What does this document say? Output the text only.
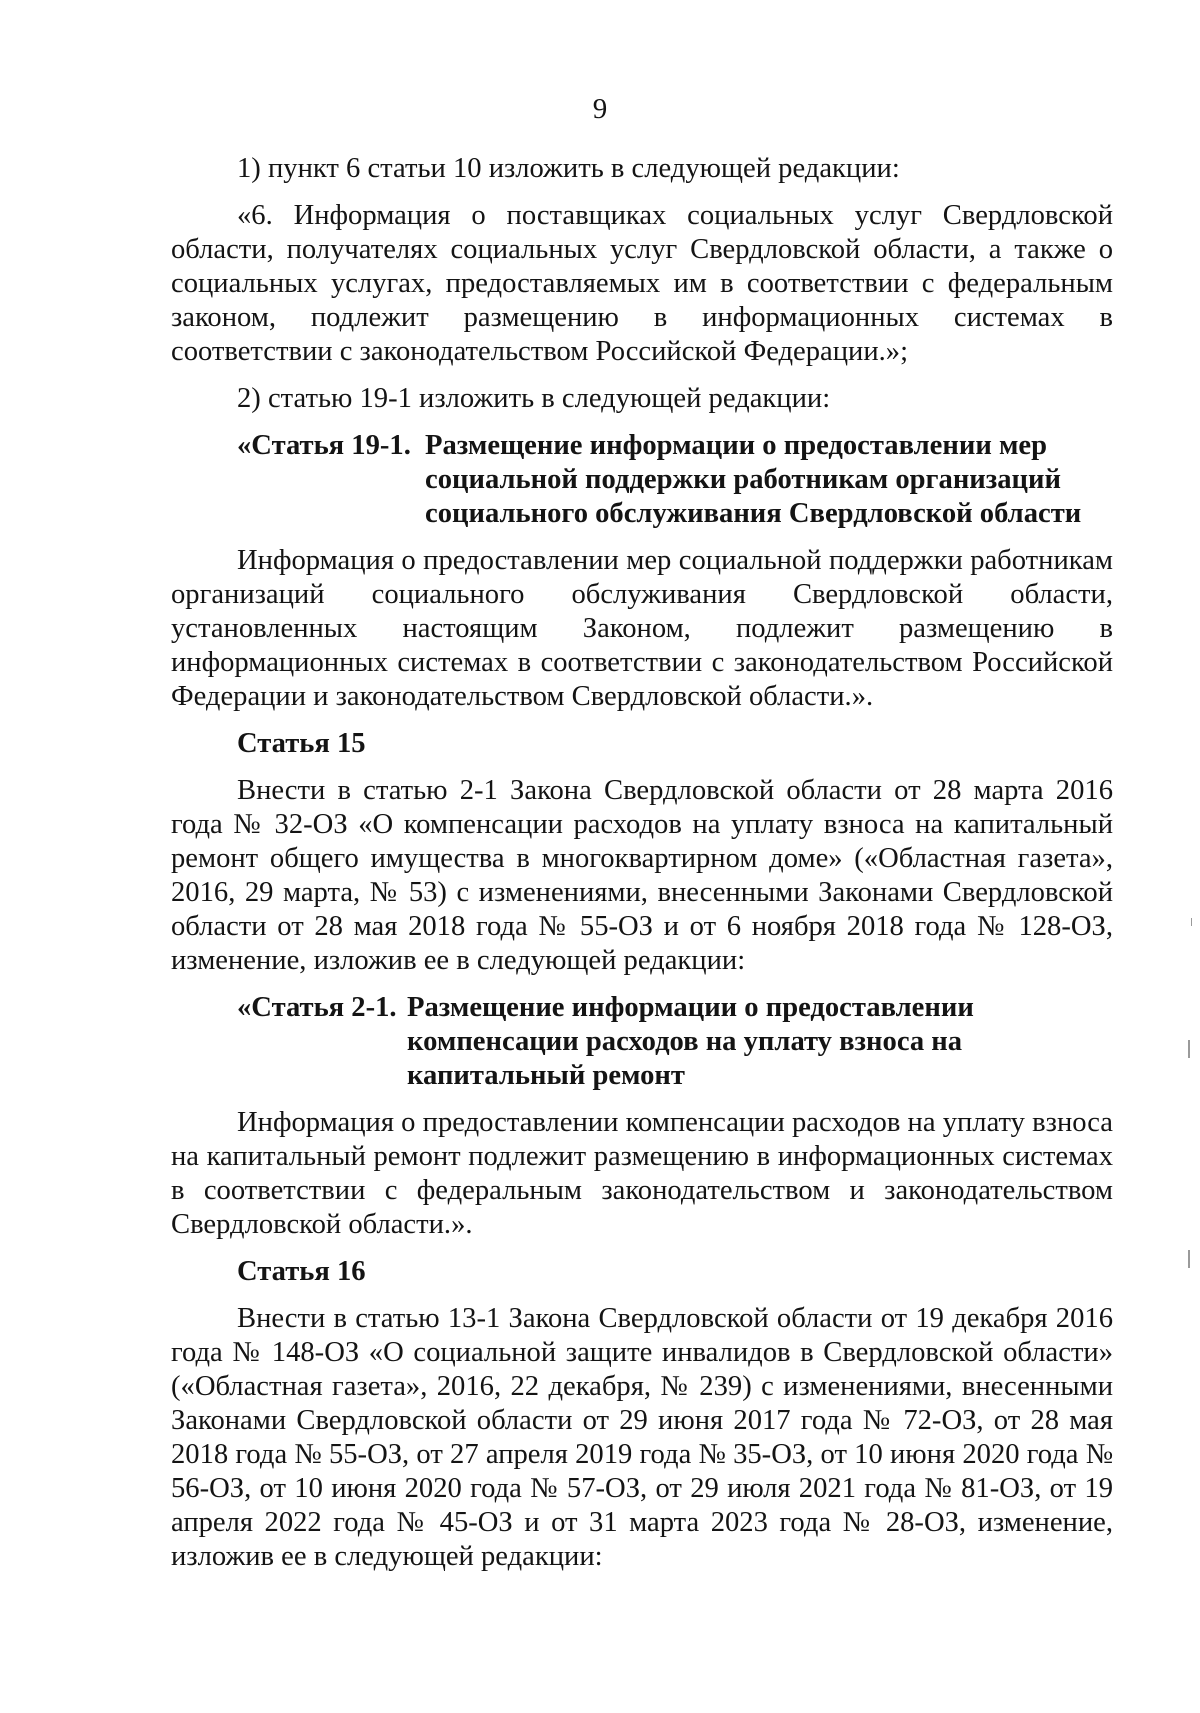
9

1) пункт 6 статьи 10 изложить в следующей редакции:

«6. Информация о поставщиках социальных услуг Свердловской области, получателях социальных услуг Свердловской области, а также о социальных услугах, предоставляемых им в соответствии с федеральным законом, подлежит размещению в информационных системах в соответствии с законодательством Российской Федерации.»;

2) статью 19-1 изложить в следующей редакции:

«Статья 19-1. Размещение информации о предоставлении мер
социальной поддержки работникам организаций
социального обслуживания Свердловской области

Информация о предоставлении мер социальной поддержки работникам организаций социального обслуживания Свердловской области, установленных настоящим Законом, подлежит размещению в информационных системах в соответствии с законодательством Российской Федерации и законодательством Свердловской области.».

Статья 15

Внести в статью 2-1 Закона Свердловской области от 28 марта 2016 года № 32-ОЗ «О компенсации расходов на уплату взноса на капитальный ремонт общего имущества в многоквартирном доме» («Областная газета», 2016, 29 марта, № 53) с изменениями, внесенными Законами Свердловской области от 28 мая 2018 года № 55-ОЗ и от 6 ноября 2018 года № 128-ОЗ, изменение, изложив ее в следующей редакции:

«Статья 2-1. Размещение информации о предоставлении
компенсации расходов на уплату взноса на
капитальный ремонт

Информация о предоставлении компенсации расходов на уплату взноса на капитальный ремонт подлежит размещению в информационных системах в соответствии с федеральным законодательством и законодательством Свердловской области.».

Статья 16

Внести в статью 13-1 Закона Свердловской области от 19 декабря 2016 года № 148-ОЗ «О социальной защите инвалидов в Свердловской области» («Областная газета», 2016, 22 декабря, № 239) с изменениями, внесенными Законами Свердловской области от 29 июня 2017 года № 72-ОЗ, от 28 мая 2018 года № 55-ОЗ, от 27 апреля 2019 года № 35-ОЗ, от 10 июня 2020 года № 56-ОЗ, от 10 июня 2020 года № 57-ОЗ, от 29 июля 2021 года № 81-ОЗ, от 19 апреля 2022 года № 45-ОЗ и от 31 марта 2023 года № 28-ОЗ, изменение, изложив ее в следующей редакции:
